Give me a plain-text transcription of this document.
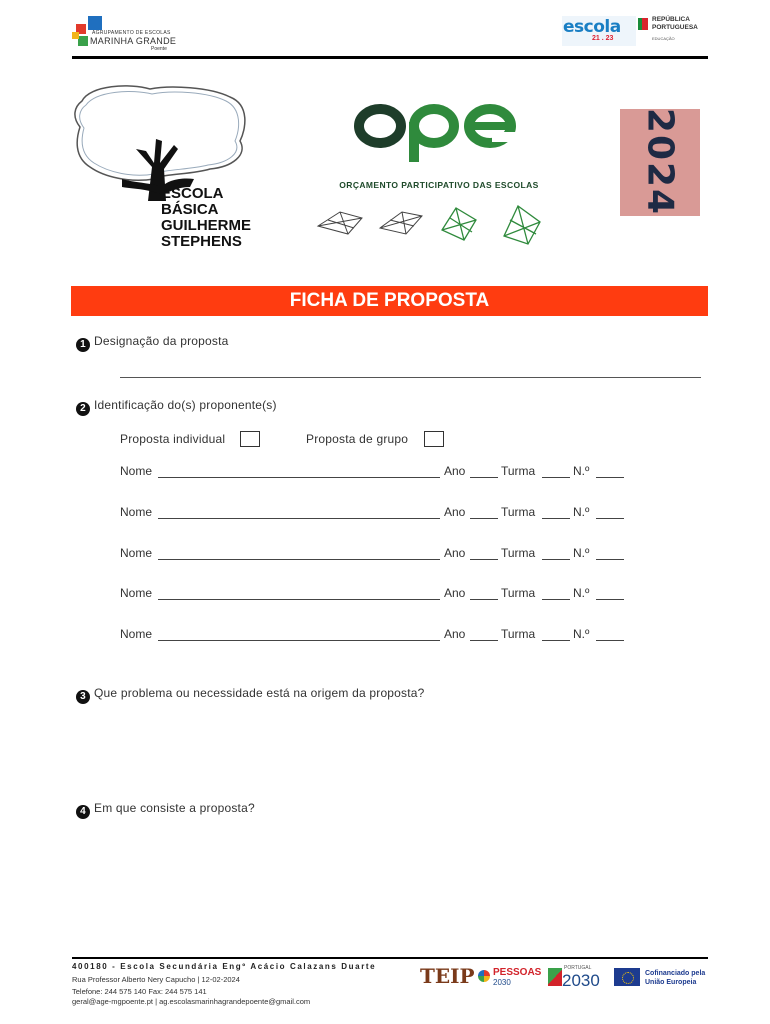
AGRUPAMENTO DE ESCOLAS
MARINHA GRANDE
Poente
escola
21 . 23
REPÚBLICA
PORTUGUESA
EDUCAÇÃO
ESCOLA
BÁSICA
GUILHERME
STEPHENS
ORÇAMENTO PARTICIPATIVO DAS ESCOLAS	2024
FICHA DE PROPOSTA
1 Designação da proposta
2 Identificação do(s) proponente(s)
Proposta individual	Proposta de grupo
Nome	Ano	Turma	N.º
Nome	Ano	Turma	N.º
Nome	Ano	Turma	N.º
Nome	Ano	Turma	N.º
Nome	Ano	Turma	N.º
3 Que problema ou necessidade está na origem da proposta?
4 Em que consiste a proposta?
400180 - Escola Secundária Engº Acácio Calazans Duarte
Rua Professor Alberto Nery Capucho | 12-02-2024
Telefone: 244 575 140 Fax: 244 575 141
geral@age-mgpoente.pt | ag.escolasmarinhagrandepoente@gmail.com
TEIP PESSOAS
2030
PORTUGAL
2030	Cofinanciado pela
União Europeia
